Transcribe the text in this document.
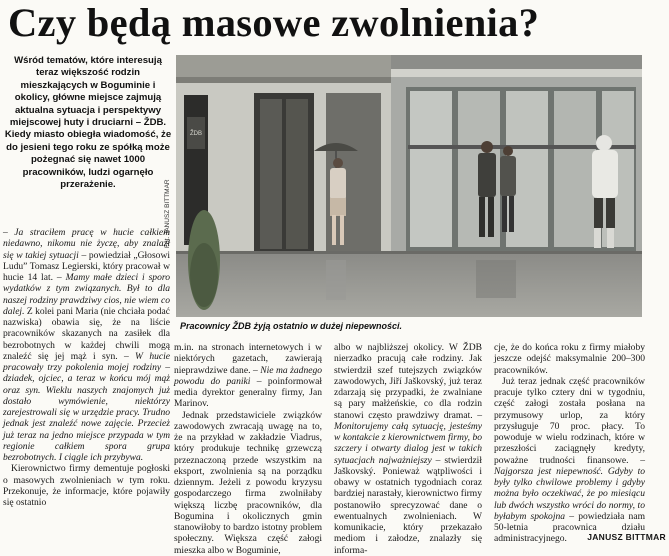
Czy będą masowe zwolnienia?
Wśród tematów, które interesują teraz większość rodzin mieszkających w Boguminie i okolicy, główne miejsce zajmują aktualna sytuacja i perspektywy miejscowej huty i druciarni – ŽDB. Kiedy miasto obiegła wiadomość, że do jesieni tego roku ze spółką może pożegnać się nawet 1000 pracowników, ludzi ogarnęło przerażenie.
ŽDB
Fot. JANUSZ BITTMAR
Pracownicy ŽDB żyją ostatnio w dużej niepewności.

– Ja straciłem pracę w hucie całkiem niedawno, nikomu nie życzę, aby znalazł się w takiej sytuacji – powiedział „Głosowi Ludu” Tomasz Legierski, który pracował w hucie 14 lat. – Mamy małe dzieci i sporo wydatków z tym związanych. Był to dla naszej rodziny prawdziwy cios, nie wiem co dalej. Z kolei pani Maria (nie chciała podać nazwiska) obawia się, że na liście pracowników skazanych na zasiłek dla bezrobotnych w każdej chwili mogą znaleźć się jej mąż i syn. – W hucie pracowały trzy pokolenia mojej rodziny – dziadek, ojciec, a teraz w końcu mój mąż oraz syn. Wieklu naszych znajomych już dostało wymówienie, niektórzy zarejestrowali się w urzędzie pracy. Trudno jednak jest znaleźć nowe zajęcie. Przecież już teraz na jedno miejsce przypada w tym regionie całkiem spora grupa bezrobotnych. I ciągle ich przybywa.

Kierownictwo firmy dementuje pogłoski o masowych zwolnieniach w tym roku. Przekonuje, że informacje, które pojawiły się ostatnio

m.in. na stronach internetowych i w niektórych gazetach, zawierają nieprawdziwe dane. – Nie ma żadnego powodu do paniki – poinformował media dyrektor generalny firmy, Jan Marinov.

Jednak przedstawiciele związków zawodowych zwracają uwagę na to, że na przykład w zakładzie Viadrus, który produkuje technikę grzewczą przeznaczoną przede wszystkim na eksport, zwolnienia są na porządku dziennym. Jeżeli z powodu kryzysu gospodarczego firma zwolniłaby większą liczbę pracowników, dla Bogumina i okolicznych gmin stanowiłoby to bardzo istotny problem społeczny. Większa część załogi mieszka albo w Boguminie,

albo w najbliższej okolicy. W ŽDB nierzadko pracują całe rodziny. Jak stwierdził szef tutejszych związków zawodowych, Jiří Jaškovský, już teraz zdarzają się przypadki, że zwalniane są pary małżeńskie, co dla rodzin stanowi często prawdziwy dramat. – Monitorujemy całą sytuację, jesteśmy w kontakcie z kierownictwem firmy, bo szczery i otwarty dialog jest w takich sytuacjach najważniejszy – stwierdził Jaškovský. Ponieważ wątpliwości i obawy w ostatnich tygodniach coraz bardziej narastały, kierownictwo firmy postanowiło sprecyzować dane o ewentualnych zwolnieniach. W komunikacie, który przekazało mediom i załodze, znalazły się informa-

cje, że do końca roku z firmy miałoby jeszcze odejść maksymalnie 200–300 pracowników.

Już teraz jednak część pracowników pracuje tylko cztery dni w tygodniu, część załogi została posłana na przymusowy urlop, za który przysługuje 70 proc. płacy. To powoduje w wielu rodzinach, które w przeszłości zaciągnęły kredyty, poważne trudności finansowe. – Najgorsza jest niepewność. Gdyby to były tylko chwilowe problemy i gdyby można było oczekiwać, że po miesiącu lub dwóch wszystko wróci do normy, to byłabym spokojna – powiedziała nam 50-letnia pracownica działu administracyjnego.	JANUSZ BITTMAR
